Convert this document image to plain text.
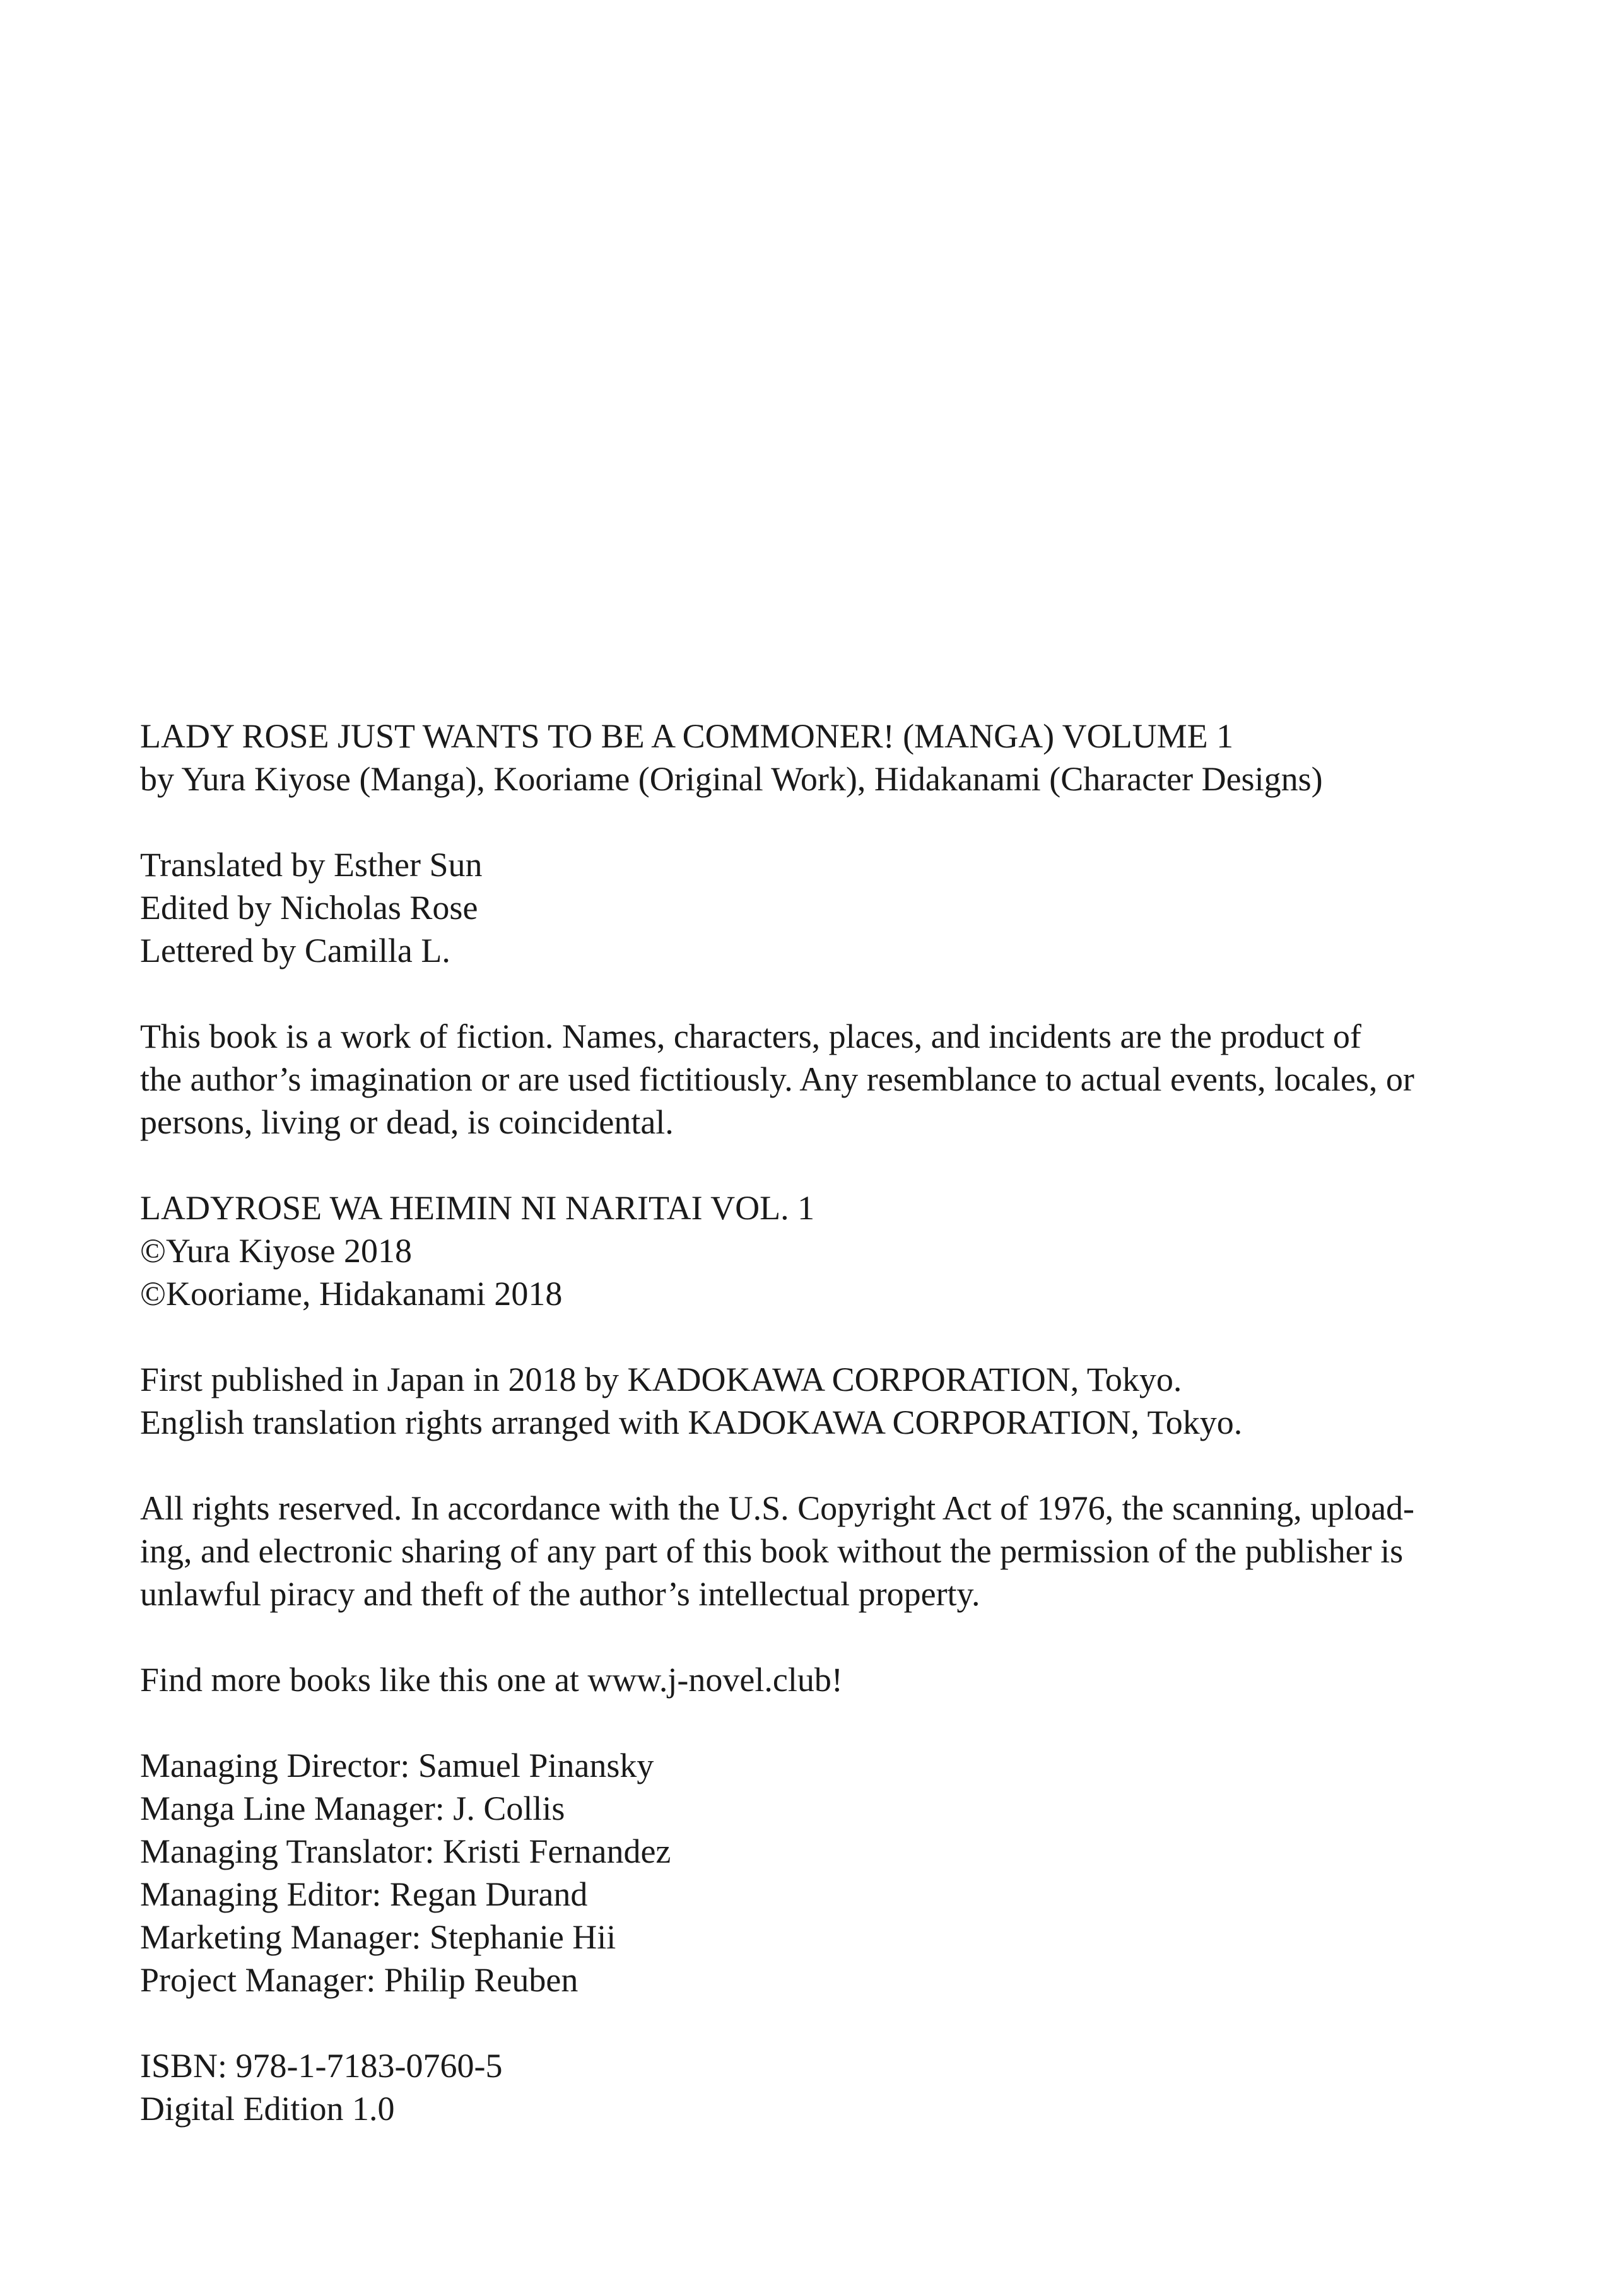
LADY ROSE JUST WANTS TO BE A COMMONER! (MANGA) VOLUME 1
by Yura Kiyose (Manga), Kooriame (Original Work), Hidakanami (Character Designs)
Translated by Esther Sun
Edited by Nicholas Rose
Lettered by Camilla L.
This book is a work of fiction. Names, characters, places, and incidents are the product of
the author’s imagination or are used fictitiously. Any resemblance to actual events, locales, or
persons, living or dead, is coincidental.
LADYROSE WA HEIMIN NI NARITAI VOL. 1
©Yura Kiyose 2018
©Kooriame, Hidakanami 2018
First published in Japan in 2018 by KADOKAWA CORPORATION, Tokyo.
English translation rights arranged with KADOKAWA CORPORATION, Tokyo.
All rights reserved. In accordance with the U.S. Copyright Act of 1976, the scanning, upload-
ing, and electronic sharing of any part of this book without the permission of the publisher is
unlawful piracy and theft of the author’s intellectual property.
Find more books like this one at www.j-novel.club!
Managing Director: Samuel Pinansky
Manga Line Manager: J. Collis
Managing Translator: Kristi Fernandez
Managing Editor: Regan Durand
Marketing Manager: Stephanie Hii
Project Manager: Philip Reuben
ISBN: 978-1-7183-0760-5
Digital Edition 1.0
